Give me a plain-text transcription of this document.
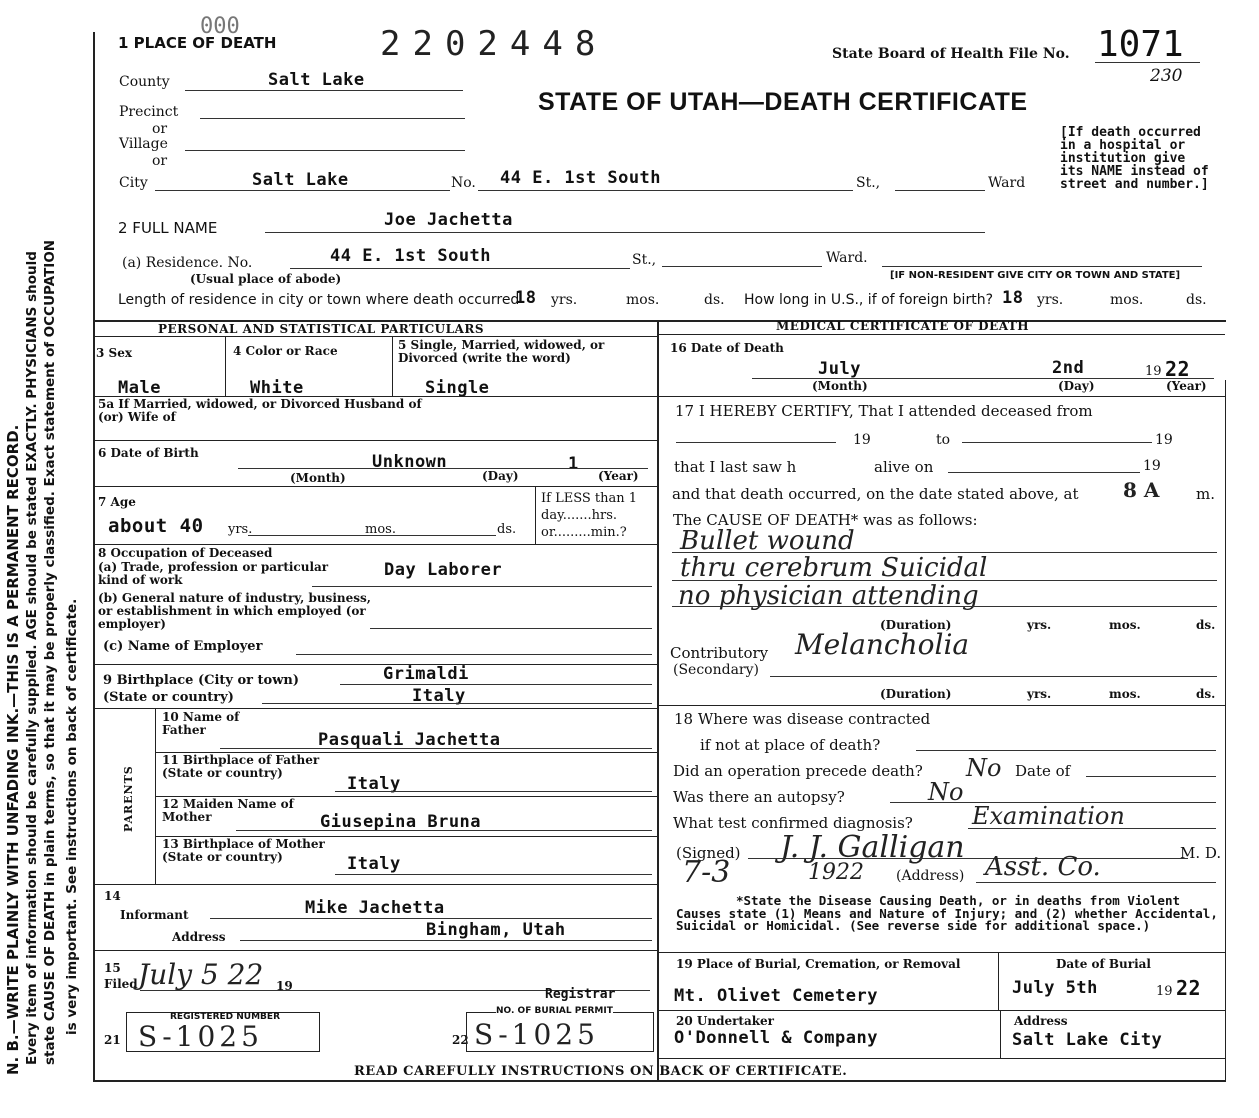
N. B.—WRITE PLAINLY WITH UNFADING INK.—THIS IS A PERMANENT RECORD. Every item of information should be carefully supplied. AGE should be stated EXACTLY. PHYSICIANS should state CAUSE OF DEATH in plain terms, so that it may be properly classified. Exact statement of OCCUPATION is very important. See instructions on back of certificate.
1 PLACE OF DEATH
000	2202448	State Board of Health File No. 1071
230
STATE OF UTAH—DEATH CERTIFICATE
[If death occurred in a hospital or institution give its NAME instead of street and number.]
County	Salt Lake
Precinct
or
Village
or
City	Salt Lake	No. 44 E. 1st South	St.,	Ward
2 FULL NAME	Joe Jachetta
(a) Residence. No.	44 E. 1st South	St.,	Ward.
(Usual place of abode)	[IF NON-RESIDENT GIVE CITY OR TOWN AND STATE]
Length of residence in city or town where death occurred
18 yrs.	mos.	ds. How long in U.S., if of foreign birth? 18 yrs.	mos.	ds.
PERSONAL AND STATISTICAL PARTICULARS
3 Sex
Male
4 Color or Race
White
5 Single, Married, widowed, or Divorced (write the word)
Single
5a If Married, widowed, or Divorced Husband of (or) Wife of
6 Date of Birth	Unknown	1
(Month)	(Day)	(Year)
7 Age
about 40 yrs.	mos.	ds.
If LESS than 1 day.......hrs. or.........min.?
8 Occupation of Deceased
(a) Trade, profession or particular kind of work	Day Laborer
(b) General nature of industry, business, or establishment in which employed (or employer)
(c) Name of Employer
9 Birthplace (City or town)	Grimaldi
(State or country)	Italy
PARENTS
10 Name of Father	Pasquali Jachetta
11 Birthplace of Father (State or country)
Italy
12 Maiden Name of Mother	Giusepina Bruna
13 Birthplace of Mother (State or country)	Italy
14
Informant	Mike Jachetta
Address	Bingham, Utah
15
Filed July 5 22 19
Registrar
21
REGISTERED NUMBER
S-1025	22
NO. OF BURIAL PERMIT
S-1025
MEDICAL CERTIFICATE OF DEATH
16 Date of Death
July	2nd	19 22
(Month)	(Day)	(Year)
17 I HEREBY CERTIFY, That I attended deceased from
19	to	19
that I last saw h	alive on	19
and that death occurred, on the date stated above, at 8 A m.
The CAUSE OF DEATH* was as follows:
Bullet wound
thru cerebrum Suicidal
no physician attending
(Duration)	yrs.	mos.	ds.
Contributory Melancholia
(Secondary)
(Duration)	yrs.	mos.	ds.
18 Where was disease contracted
if not at place of death?
Did an operation precede death? No Date of
Was there an autopsy?	No
What test confirmed diagnosis? Examination
(Signed) J. J. Galligan	M. D.
7-3	1922 (Address) Asst. Co.
*State the Disease Causing Death, or in deaths from Violent Causes state (1) Means and Nature of Injury; and (2) whether Accidental, Suicidal or Homicidal. (See reverse side for additional space.)
19 Place of Burial, Cremation, or Removal
Mt. Olivet Cemetery
Date of Burial
July 5th	19 22
20 Undertaker
O'Donnell & Company
Address
Salt Lake City
READ CAREFULLY INSTRUCTIONS ON BACK OF CERTIFICATE.
